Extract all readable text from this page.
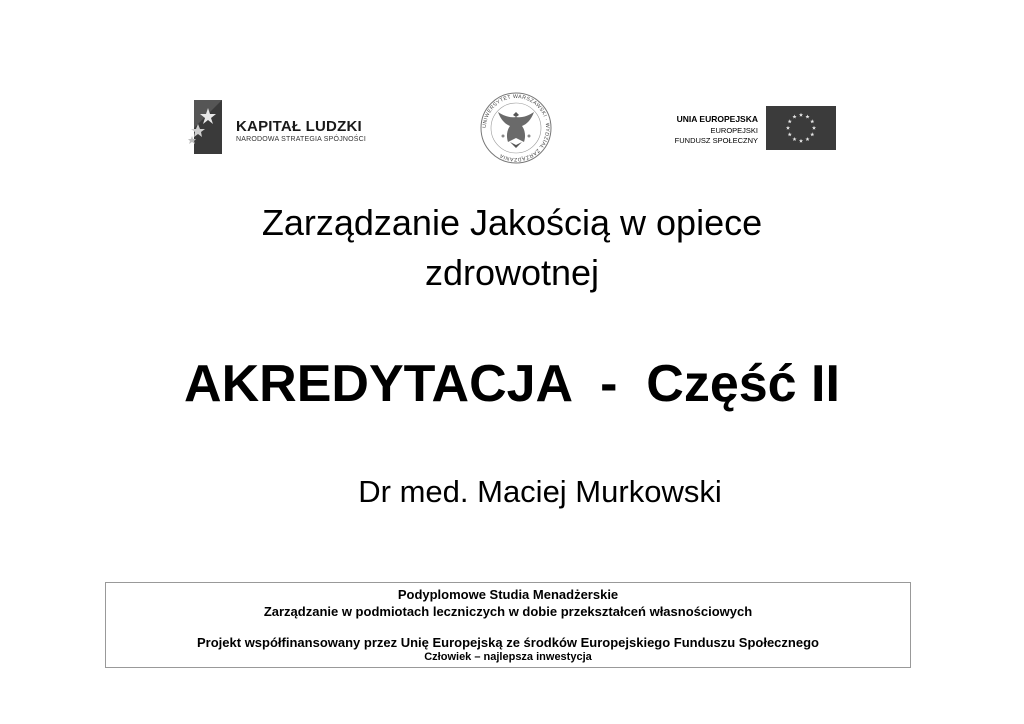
KAPITAŁ LUDZKI
NARODOWA STRATEGIA SPÓJNOŚCI
UNIWERSYTET WARSZAWSKI · WYDZIAŁ ZARZĄDZANIA
UNIA EUROPEJSKA
EUROPEJSKI
FUNDUSZ SPOŁECZNY
Zarządzanie Jakością w opiece
zdrowotnej
AKREDYTACJA  -  Część II
Dr med. Maciej Murkowski
Podyplomowe Studia Menadżerskie
Zarządzanie w podmiotach leczniczych w dobie przekształceń własnościowych
Projekt współfinansowany przez Unię Europejską ze środków Europejskiego Funduszu Społecznego
Człowiek – najlepsza inwestycja
